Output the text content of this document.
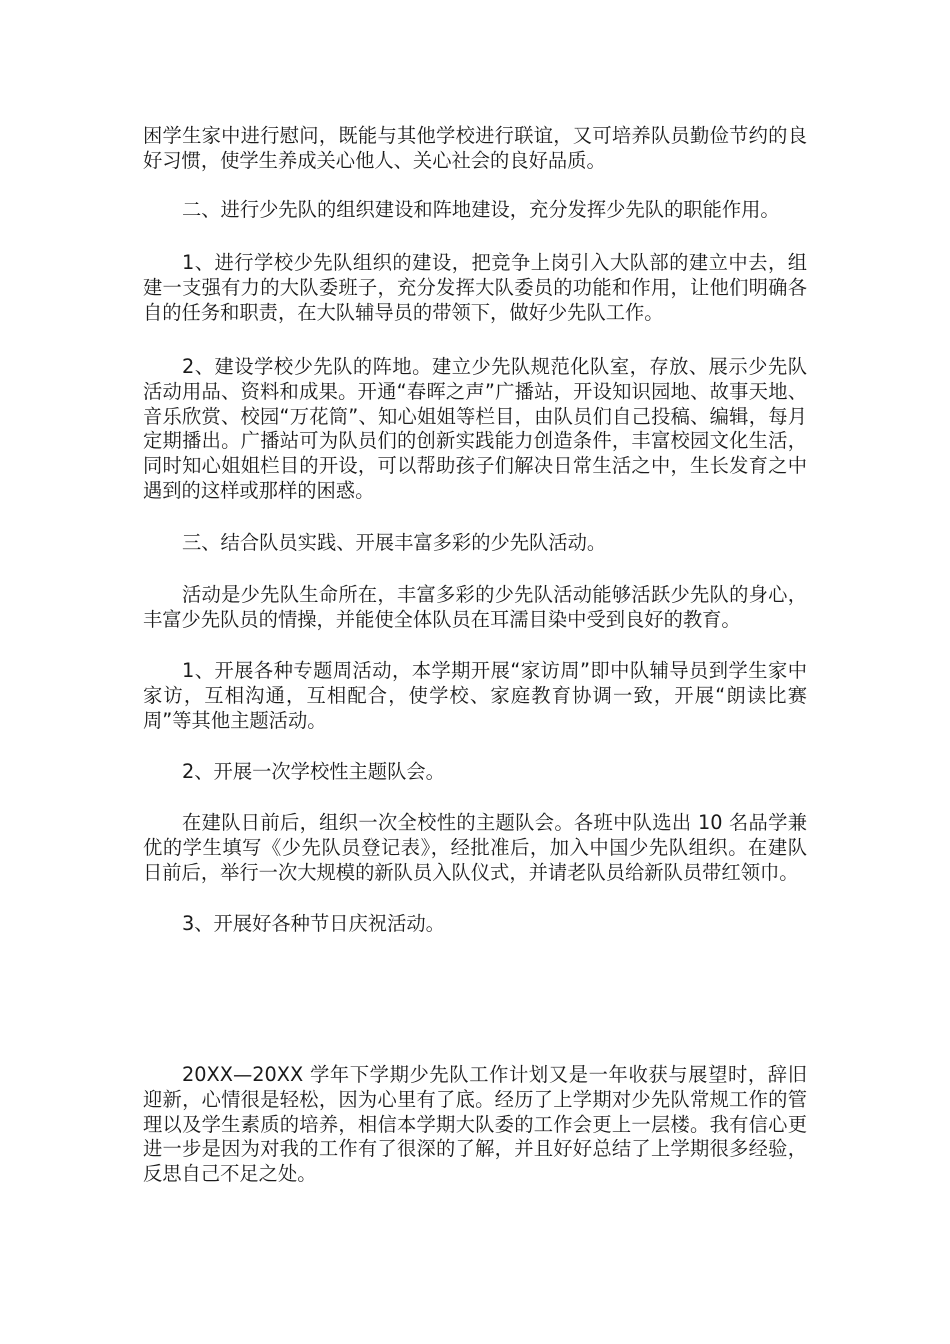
困学生家中进行慰问，既能与其他学校进行联谊，又可培养队员勤俭节约的良好习惯，使学生养成关心他人、关心社会的良好品质。

二、进行少先队的组织建设和阵地建设，充分发挥少先队的职能作用。

1、进行学校少先队组织的建设，把竞争上岗引入大队部的建立中去，组建一支强有力的大队委班子，充分发挥大队委员的功能和作用，让他们明确各自的任务和职责，在大队辅导员的带领下，做好少先队工作。

2、建设学校少先队的阵地。建立少先队规范化队室，存放、展示少先队活动用品、资料和成果。开通“春晖之声”广播站，开设知识园地、故事天地、音乐欣赏、校园“万花筒”、知心姐姐等栏目，由队员们自己投稿、编辑，每月定期播出。广播站可为队员们的创新实践能力创造条件，丰富校园文化生活，同时知心姐姐栏目的开设，可以帮助孩子们解决日常生活之中，生长发育之中遇到的这样或那样的困惑。

三、结合队员实践、开展丰富多彩的少先队活动。

活动是少先队生命所在，丰富多彩的少先队活动能够活跃少先队的身心，丰富少先队员的情操，并能使全体队员在耳濡目染中受到良好的教育。

1、开展各种专题周活动，本学期开展“家访周”即中队辅导员到学生家中家访，互相沟通，互相配合，使学校、家庭教育协调一致，开展“朗读比赛周”等其他主题活动。

2、开展一次学校性主题队会。

在建队日前后，组织一次全校性的主题队会。各班中队选出 10 名品学兼优的学生填写《少先队员登记表》，经批准后，加入中国少先队组织。在建队日前后，举行一次大规模的新队员入队仪式，并请老队员给新队员带红领巾。

3、开展好各种节日庆祝活动。

20XX—20XX 学年下学期少先队工作计划又是一年收获与展望时，辞旧迎新，心情很是轻松，因为心里有了底。经历了上学期对少先队常规工作的管理以及学生素质的培养，相信本学期大队委的工作会更上一层楼。我有信心更进一步是因为对我的工作有了很深的了解，并且好好总结了上学期很多经验，反思自己不足之处。
